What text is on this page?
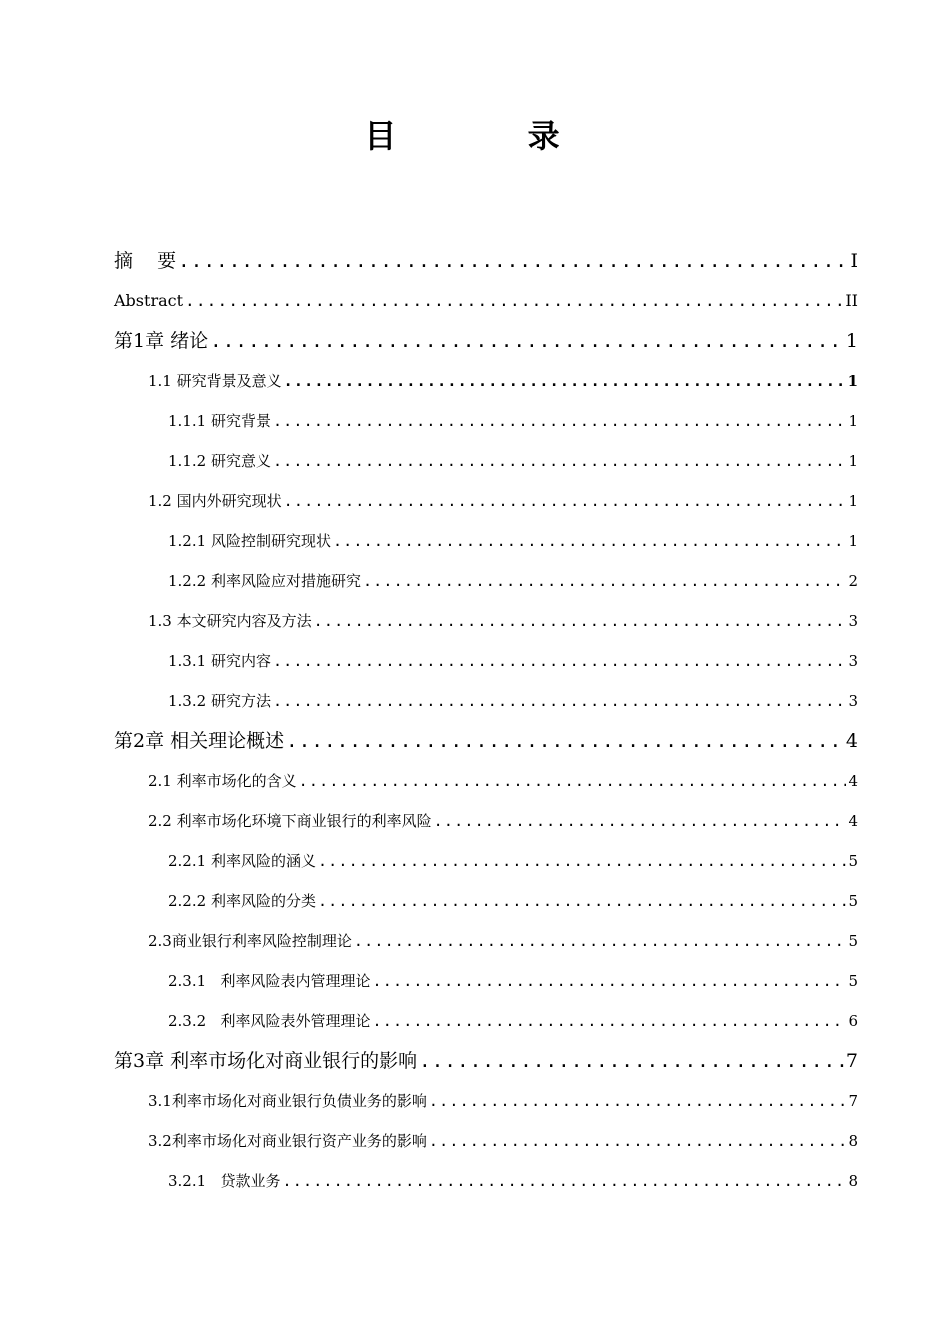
目 录
摘    要 .....	I
Abstract .....	II
第1章 绪论 .....	1
1.1 研究背景及意义 .....	1
1.1.1 研究背景 .....	1
1.1.2 研究意义 .....	1
1.2 国内外研究现状 .....	1
1.2.1 风险控制研究现状 .....	1
1.2.2 利率风险应对措施研究 .....	2
1.3 本文研究内容及方法 .....	3
1.3.1 研究内容 .....	3
1.3.2 研究方法 .....	3
第2章 相关理论概述 .....	4
2.1 利率市场化的含义 .....	4
2.2 利率市场化环境下商业银行的利率风险 .....	4
2.2.1 利率风险的涵义 .....	5
2.2.2 利率风险的分类 .....	5
2.3 商业银行利率风险控制理论 .....	5
2.3.1 利率风险表内管理理论 .....	5
2.3.2 利率风险表外管理理论 .....	6
第3章 利率市场化对商业银行的影响 .....	7
3.1 利率市场化对商业银行负债业务的影响 .....	7
3.2 利率市场化对商业银行资产业务的影响 .....	8
3.2.1 贷款业务 .....	8
